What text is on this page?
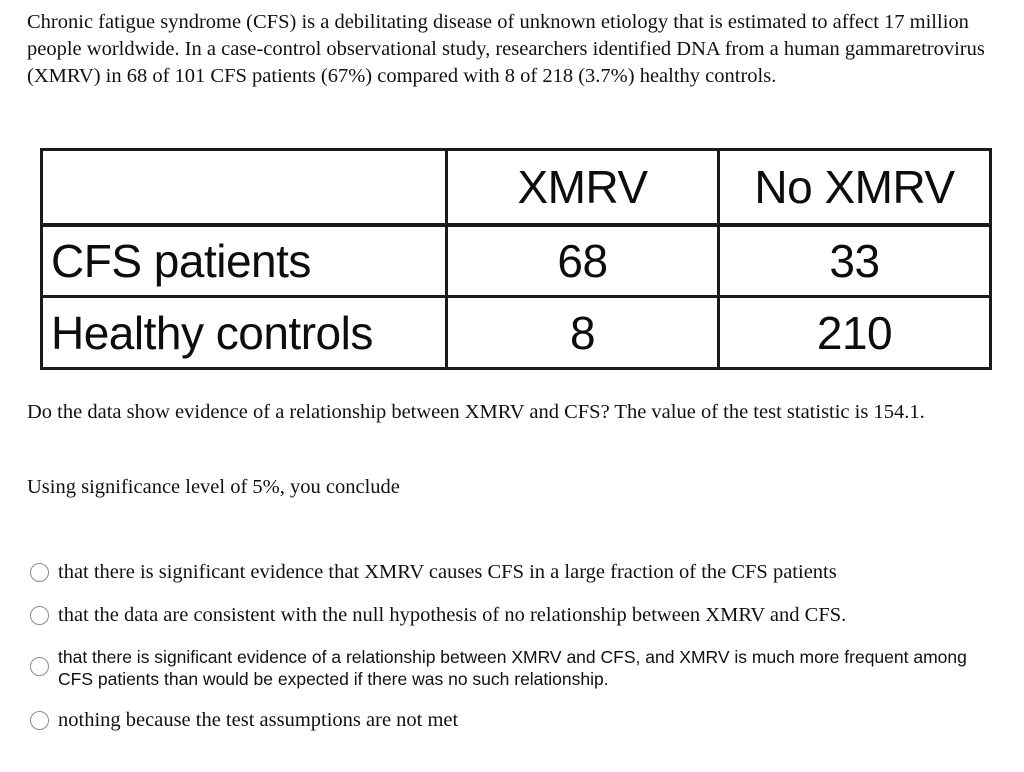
Chronic fatigue syndrome (CFS) is a debilitating disease of unknown etiology that is estimated to affect 17 million people worldwide. In a case-control observational study, researchers identified DNA from a human gammaretrovirus (XMRV) in 68 of 101 CFS patients (67%) compared with 8 of 218 (3.7%) healthy controls.

	XMRV	No XMRV
CFS patients	68	33
Healthy controls	8	210

Do the data show evidence of a relationship between XMRV and CFS? The value of the test statistic is 154.1.

Using significance level of 5%, you conclude

that there is significant evidence that XMRV causes CFS in a large fraction of the CFS patients
that the data are consistent with the null hypothesis of no relationship between XMRV and CFS.
that there is significant evidence of a relationship between XMRV and CFS, and XMRV is much more frequent among CFS patients than would be expected if there was no such relationship.
nothing because the test assumptions are not met
